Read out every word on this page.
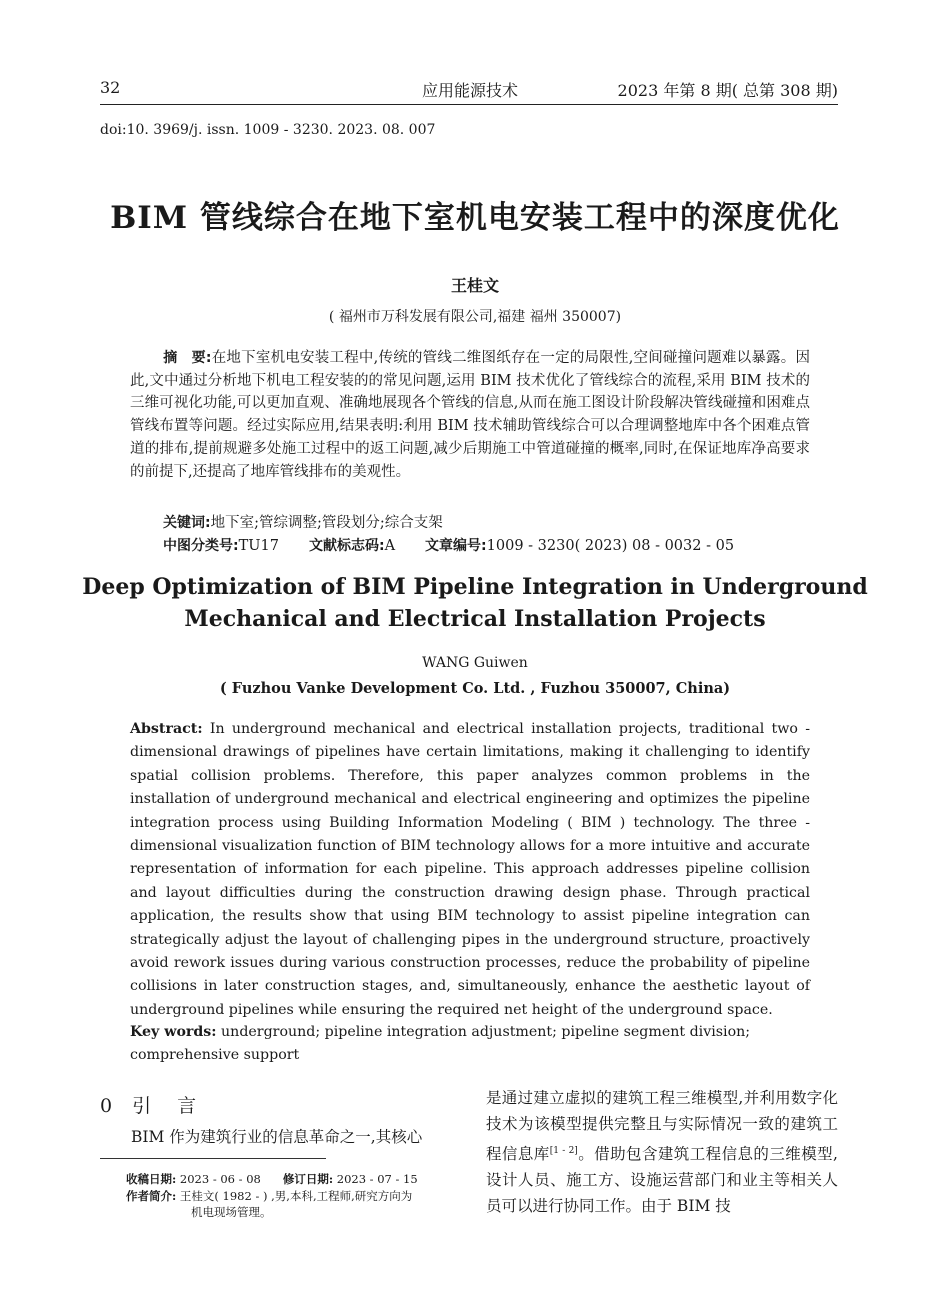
32	应用能源技术	2023 年第 8 期( 总第 308 期)
doi:10. 3969/j. issn. 1009 - 3230. 2023. 08. 007
BIM 管线综合在地下室机电安装工程中的深度优化
王桂文
( 福州市万科发展有限公司,福建 福州 350007)
摘　要:在地下室机电安装工程中,传统的管线二维图纸存在一定的局限性,空间碰撞问题难以暴露。因此,文中通过分析地下机电工程安装的的常见问题,运用 BIM 技术优化了管线综合的流程,采用 BIM 技术的三维可视化功能,可以更加直观、准确地展现各个管线的信息,从而在施工图设计阶段解决管线碰撞和困难点管线布置等问题。经过实际应用,结果表明:利用 BIM 技术辅助管线综合可以合理调整地库中各个困难点管道的排布,提前规避多处施工过程中的返工问题,减少后期施工中管道碰撞的概率,同时,在保证地库净高要求的前提下,还提高了地库管线排布的美观性。
关键词:地下室;管综调整;管段划分;综合支架
中图分类号:TU17 文献标志码:A 文章编号:1009 - 3230( 2023) 08 - 0032 - 05
Deep Optimization of BIM Pipeline Integration in Underground
Mechanical and Electrical Installation Projects
WANG Guiwen
( Fuzhou Vanke Development Co. Ltd. , Fuzhou 350007, China)
Abstract: In underground mechanical and electrical installation projects, traditional two - dimensional drawings of pipelines have certain limitations, making it challenging to identify spatial collision problems. Therefore, this paper analyzes common problems in the installation of underground mechanical and electrical engineering and optimizes the pipeline integration process using Building Information Modeling ( BIM ) technology. The three - dimensional visualization function of BIM technology allows for a more intuitive and accurate representation of information for each pipeline. This approach addresses pipeline collision and layout difficulties during the construction drawing design phase. Through practical application, the results show that using BIM technology to assist pipeline integration can strategically adjust the layout of challenging pipes in the underground structure, proactively avoid rework issues during various construction processes, reduce the probability of pipeline collisions in later construction stages, and, simultaneously, enhance the aesthetic layout of underground pipelines while ensuring the required net height of the underground space.
Key words: underground; pipeline integration adjustment; pipeline segment division; comprehensive support
0 引 言
BIM 作为建筑行业的信息革命之一,其核心
收稿日期: 2023 - 06 - 08 修订日期: 2023 - 07 - 15
作者简介: 王桂文( 1982 - ) ,男,本科,工程师,研究方向为
机电现场管理。
是通过建立虚拟的建筑工程三维模型,并利用数字化技术为该模型提供完整且与实际情况一致的建筑工程信息库[1 - 2]。借助包含建筑工程信息的三维模型,设计人员、施工方、设施运营部门和业主等相关人员可以进行协同工作。由于 BIM 技
